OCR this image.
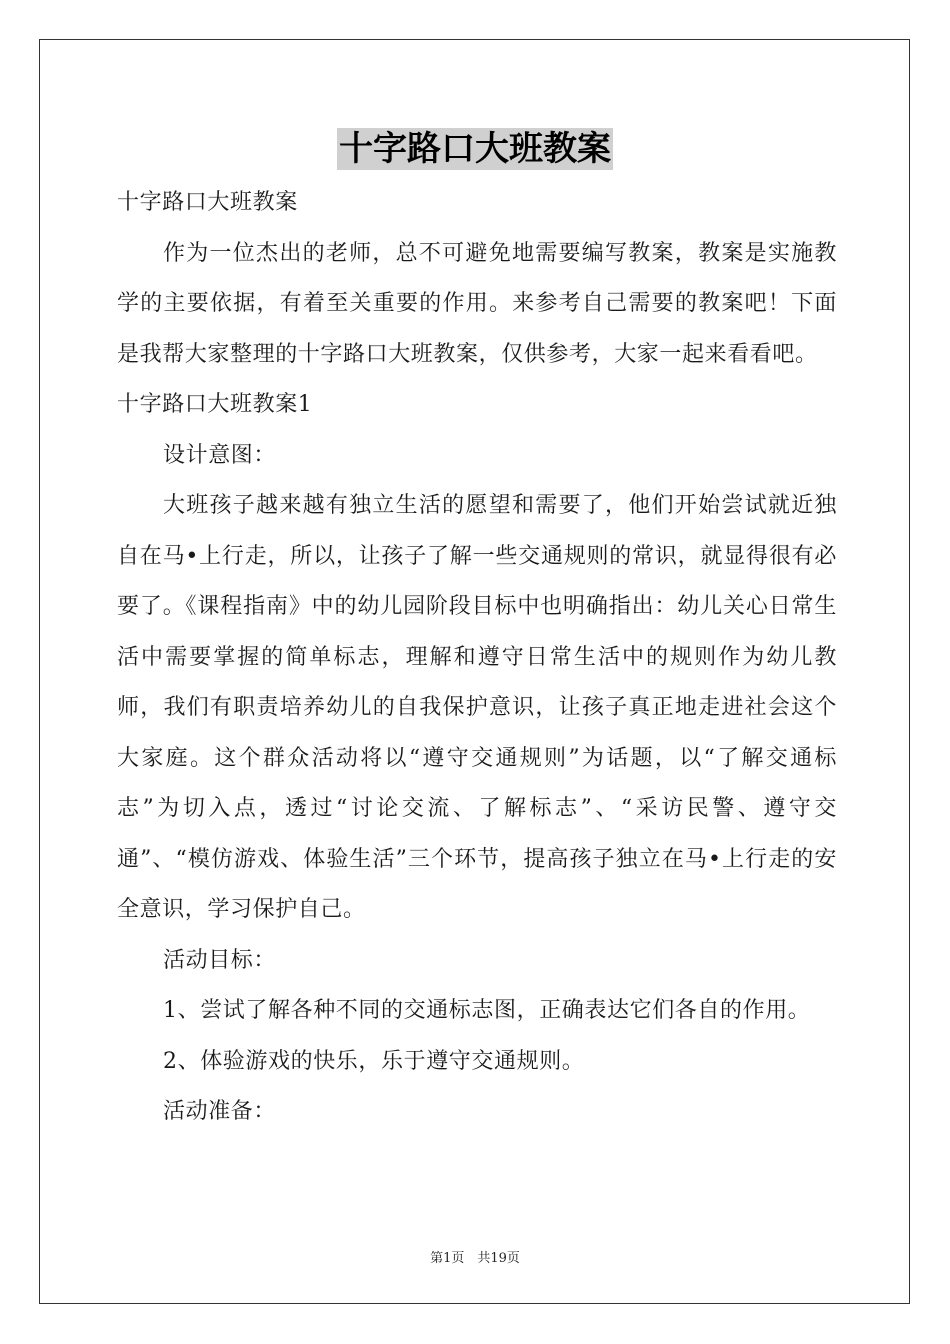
十字路口大班教案

十字路口大班教案

作为一位杰出的老师，总不可避免地需要编写教案，教案是实施教学的主要依据，有着至关重要的作用。来参考自己需要的教案吧！下面是我帮大家整理的十字路口大班教案，仅供参考，大家一起来看看吧。

十字路口大班教案1

设计意图：

大班孩子越来越有独立生活的愿望和需要了，他们开始尝试就近独自在马•上行走，所以，让孩子了解一些交通规则的常识，就显得很有必要了。《课程指南》中的幼儿园阶段目标中也明确指出：幼儿关心日常生活中需要掌握的简单标志，理解和遵守日常生活中的规则作为幼儿教师，我们有职责培养幼儿的自我保护意识，让孩子真正地走进社会这个大家庭。这个群众活动将以“遵守交通规则”为话题，以“了解交通标志”为切入点，透过“讨论交流、了解标志”、“采访民警、遵守交通”、“模仿游戏、体验生活”三个环节，提高孩子独立在马•上行走的安全意识，学习保护自己。

活动目标：

1、尝试了解各种不同的交通标志图，正确表达它们各自的作用。

2、体验游戏的快乐，乐于遵守交通规则。

活动准备：

第1页　共19页
